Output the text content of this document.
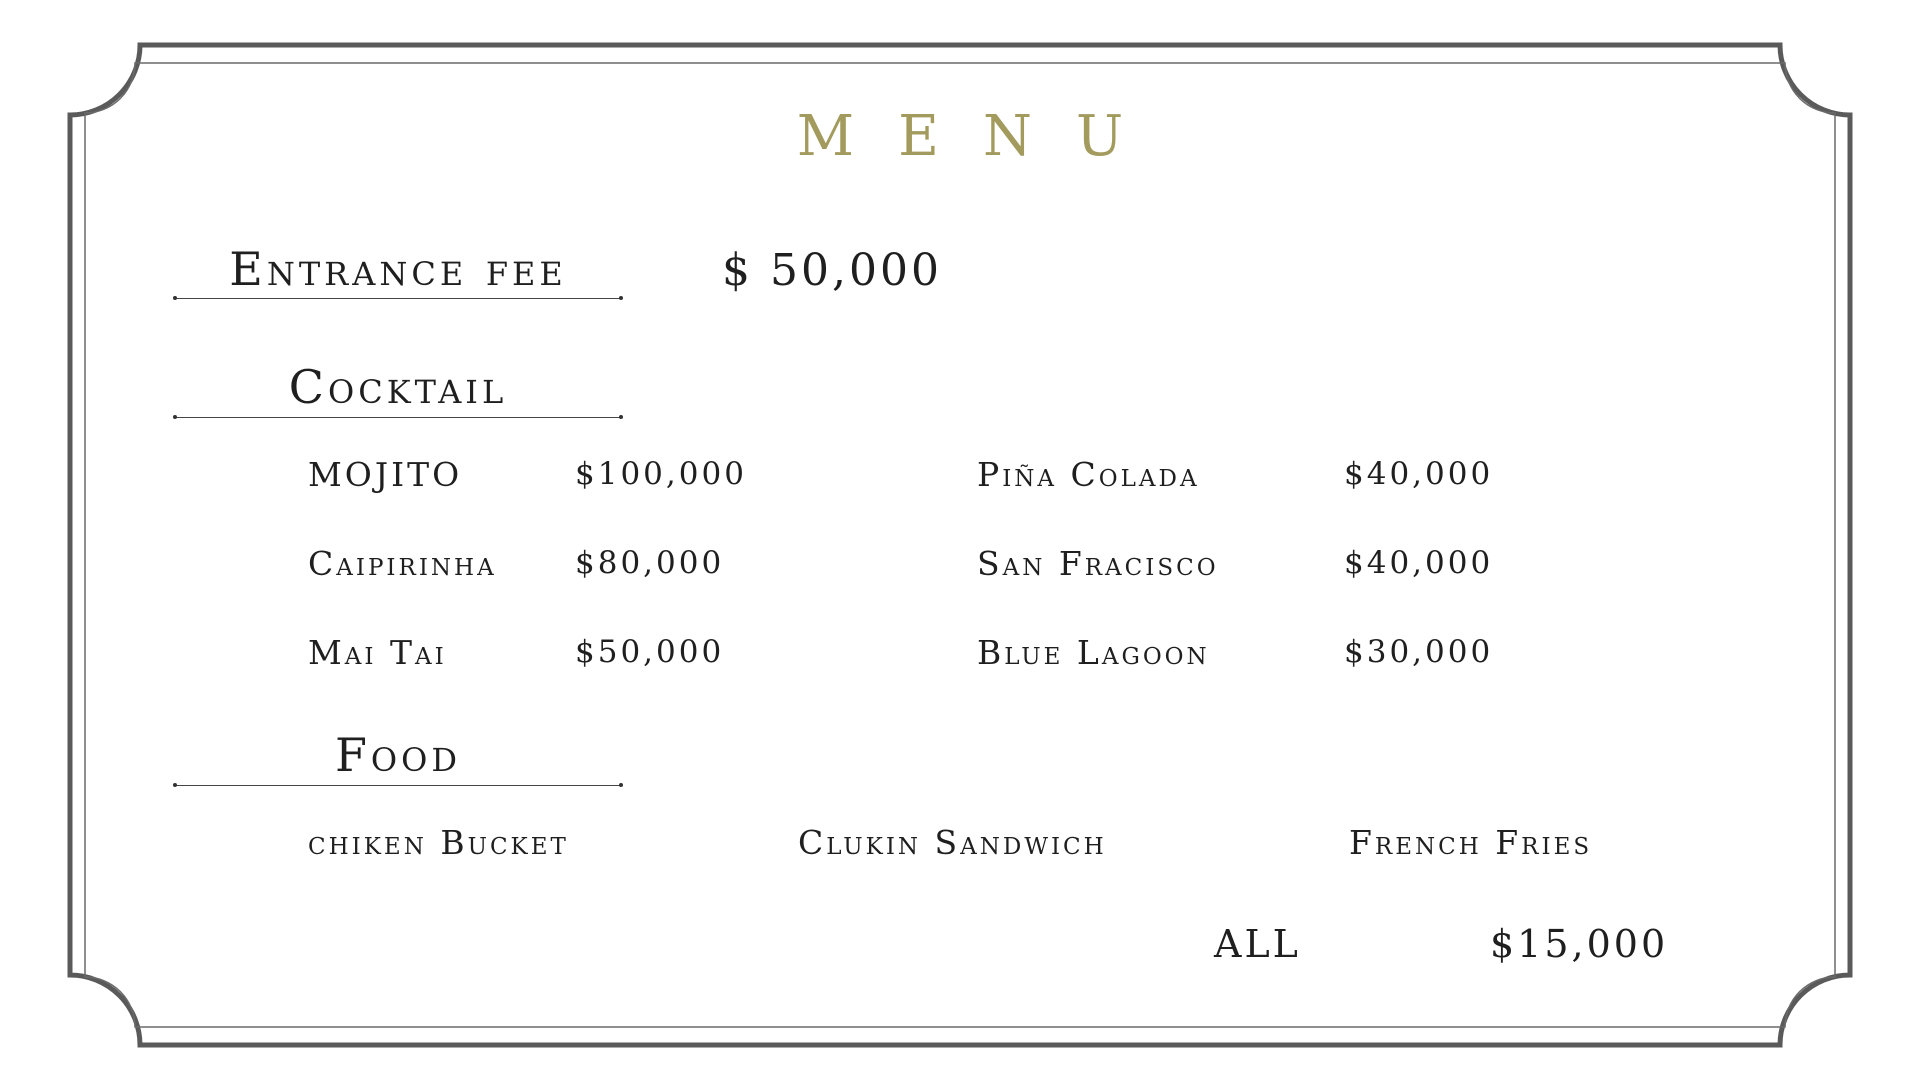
MENU
Entrance fee	$ 50,000
Cocktail
MOJITO	$100,000
Caipirinha	$80,000
Mai Tai	$50,000
Piña Colada	$40,000
San Fracisco	$40,000
Blue Lagoon	$30,000
Food
chiken Bucket	Clukin Sandwich	French Fries
ALL	$15,000
